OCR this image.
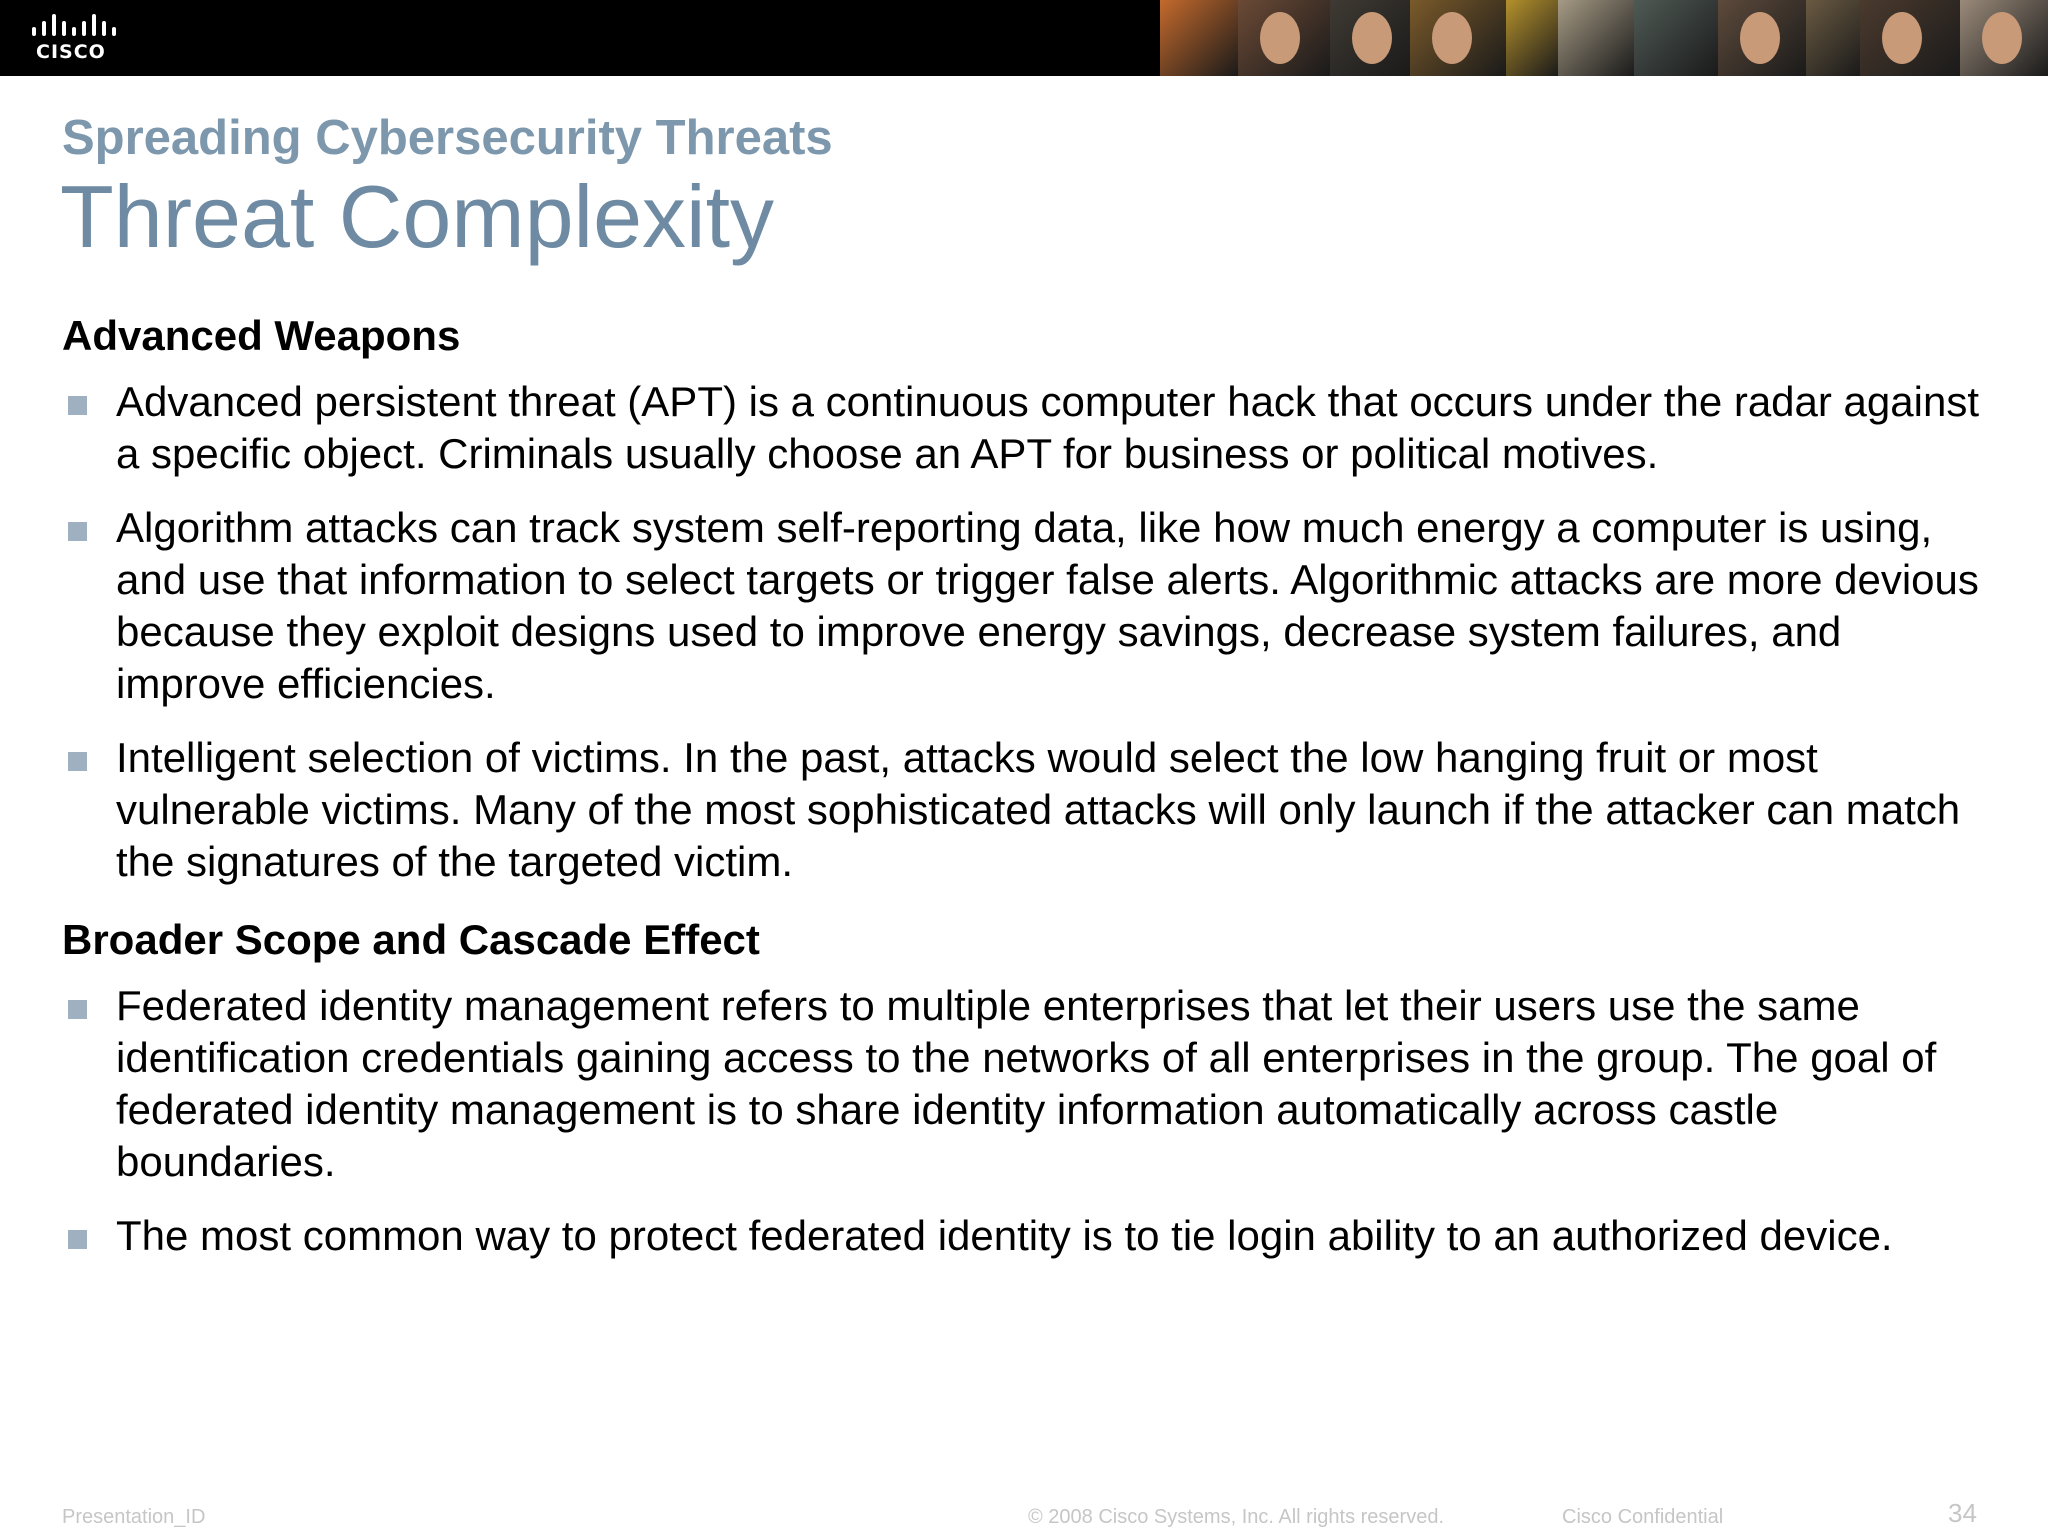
CISCO
Spreading Cybersecurity Threats
Threat Complexity

Advanced Weapons

Advanced persistent threat (APT) is a continuous computer hack that occurs under the radar against a specific object. Criminals usually choose an APT for business or political motives.
Algorithm attacks can track system self-reporting data, like how much energy a computer is using, and use that information to select targets or trigger false alerts. Algorithmic attacks are more devious because they exploit designs used to improve energy savings, decrease system failures, and improve efficiencies.
Intelligent selection of victims. In the past, attacks would select the low hanging fruit or most vulnerable victims. Many of the most sophisticated attacks will only launch if the attacker can match the signatures of the targeted victim.

Broader Scope and Cascade Effect

Federated identity management refers to multiple enterprises that let their users use the same identification credentials gaining access to the networks of all enterprises in the group. The goal of federated identity management is to share identity information automatically across castle boundaries.
The most common way to protect federated identity is to tie login ability to an authorized device.
Presentation_ID	© 2008 Cisco Systems, Inc. All rights reserved.	Cisco Confidential	34
